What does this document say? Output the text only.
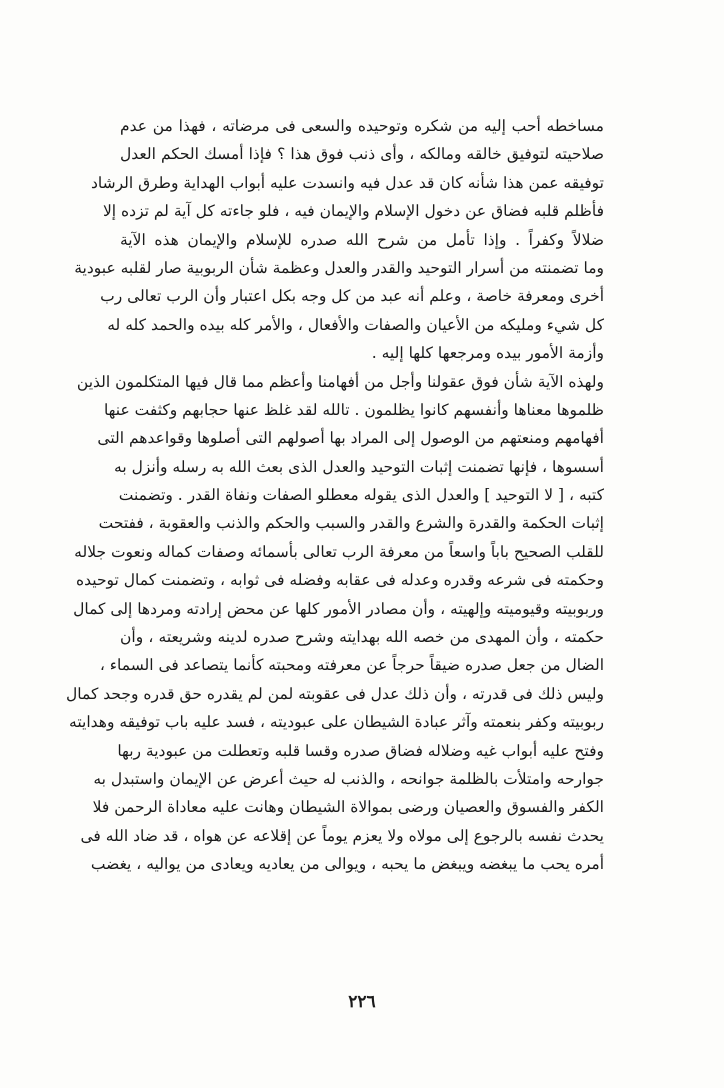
مساخطه أحب إليه من شكره وتوحيده والسعى فى مرضاته ، فهذا من عدم
صلاحيته لتوفيق خالقه ومالكه ، وأى ذنب فوق هذا ؟ فإذا أمسك الحكم العدل
توفيقه عمن هذا شأنه كان قد عدل فيه وانسدت عليه أبواب الهداية وطرق الرشاد
فأظلم قلبه فضاق عن دخول الإسلام والإيمان فيه ، فلو جاءته كل آية لم تزده إلا
ضلالاً وكفراً . وإذا تأمل من شرح الله صدره للإسلام والإيمان هذه الآية
وما تضمنته من أسرار التوحيد والقدر والعدل وعظمة شأن الربوبية صار لقلبه عبودية
أخرى ومعرفة خاصة ، وعلم أنه عبد من كل وجه بكل اعتبار وأن الرب تعالى رب
كل شيء ومليكه من الأعيان والصفات والأفعال ، والأمر كله بيده والحمد كله له
وأزمة الأمور بيده ومرجعها كلها إليه .
ولهذه الآية شأن فوق عقولنا وأجل من أفهامنا وأعظم مما قال فيها المتكلمون الذين
ظلموها معناها وأنفسهم كانوا يظلمون . تالله لقد غلظ عنها حجابهم وكثفت عنها
أفهامهم ومنعتهم من الوصول إلى المراد بها أصولهم التى أصلوها وقواعدهم التى
أسسوها ، فإنها تضمنت إثبات التوحيد والعدل الذى بعث الله به رسله وأنزل به
كتبه ، [ لا التوحيد ] والعدل الذى يقوله معطلو الصفات ونفاة القدر . وتضمنت
إثبات الحكمة والقدرة والشرع والقدر والسبب والحكم والذنب والعقوبة ، ففتحت
للقلب الصحيح باباً واسعاً من معرفة الرب تعالى بأسمائه وصفات كماله ونعوت جلاله
وحكمته فى شرعه وقدره وعدله فى عقابه وفضله فى ثوابه ، وتضمنت كمال توحيده
وربوبيته وقيوميته وإلهيته ، وأن مصادر الأمور كلها عن محض إرادته ومردها إلى كمال
حكمته ، وأن المهدى من خصه الله بهدايته وشرح صدره لدينه وشريعته ، وأن
الضال من جعل صدره ضيقاً حرجاً عن معرفته ومحبته كأنما يتصاعد فى السماء ،
وليس ذلك فى قدرته ، وأن ذلك عدل فى عقوبته لمن لم يقدره حق قدره وجحد كمال
ربوبيته وكفر بنعمته وآثر عبادة الشيطان على عبوديته ، فسد عليه باب توفيقه وهدايته
وفتح عليه أبواب غيه وضلاله فضاق صدره وقسا قلبه وتعطلت من عبودية ربها
جوارحه وامتلأت بالظلمة جوانحه ، والذنب له حيث أعرض عن الإيمان واستبدل به
الكفر والفسوق والعصيان ورضى بموالاة الشيطان وهانت عليه معاداة الرحمن فلا
يحدث نفسه بالرجوع إلى مولاه ولا يعزم يوماً عن إقلاعه عن هواه ، قد ضاد الله فى
أمره يحب ما يبغضه ويبغض ما يحبه ، ويوالى من يعاديه ويعادى من يواليه ، يغضب
٢٢٦
